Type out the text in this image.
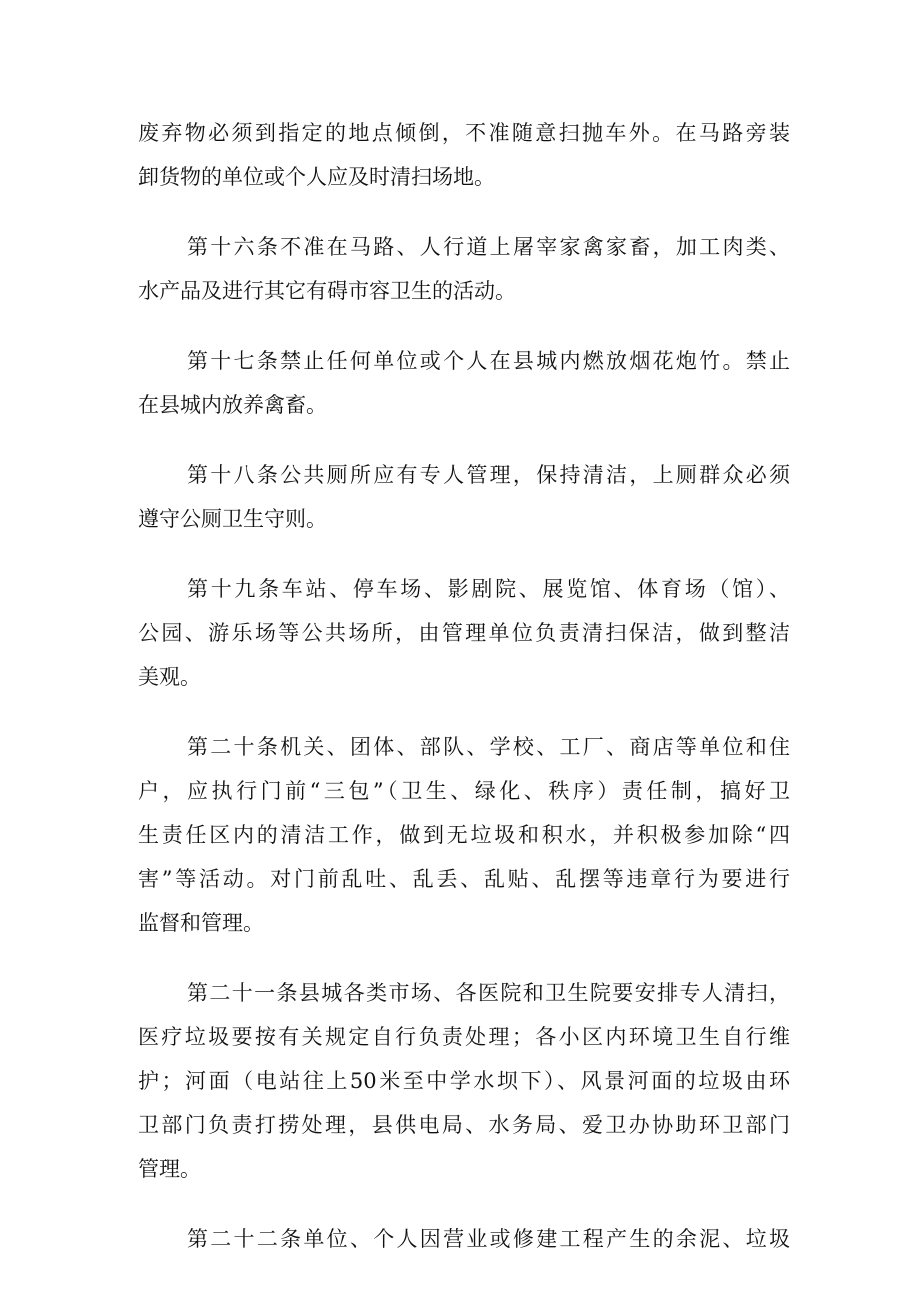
废弃物必须到指定的地点倾倒，不准随意扫抛车外。在马路旁装
卸货物的单位或个人应及时清扫场地。
第十六条不准在马路、人行道上屠宰家禽家畜，加工肉类、
水产品及进行其它有碍市容卫生的活动。
第十七条禁止任何单位或个人在县城内燃放烟花炮竹。禁止
在县城内放养禽畜。
第十八条公共厕所应有专人管理，保持清洁，上厕群众必须
遵守公厕卫生守则。
第十九条车站、停车场、影剧院、展览馆、体育场（馆）、
公园、游乐场等公共场所，由管理单位负责清扫保洁，做到整洁
美观。
第二十条机关、团体、部队、学校、工厂、商店等单位和住
户，应执行门前“三包”（卫生、绿化、秩序）责任制，搞好卫
生责任区内的清洁工作，做到无垃圾和积水，并积极参加除“四
害”等活动。对门前乱吐、乱丢、乱贴、乱摆等违章行为要进行
监督和管理。
第二十一条县城各类市场、各医院和卫生院要安排专人清扫，
医疗垃圾要按有关规定自行负责处理；各小区内环境卫生自行维
护；河面（电站往上50米至中学水坝下）、风景河面的垃圾由环
卫部门负责打捞处理，县供电局、水务局、爱卫办协助环卫部门
管理。
第二十二条单位、个人因营业或修建工程产生的余泥、垃圾
